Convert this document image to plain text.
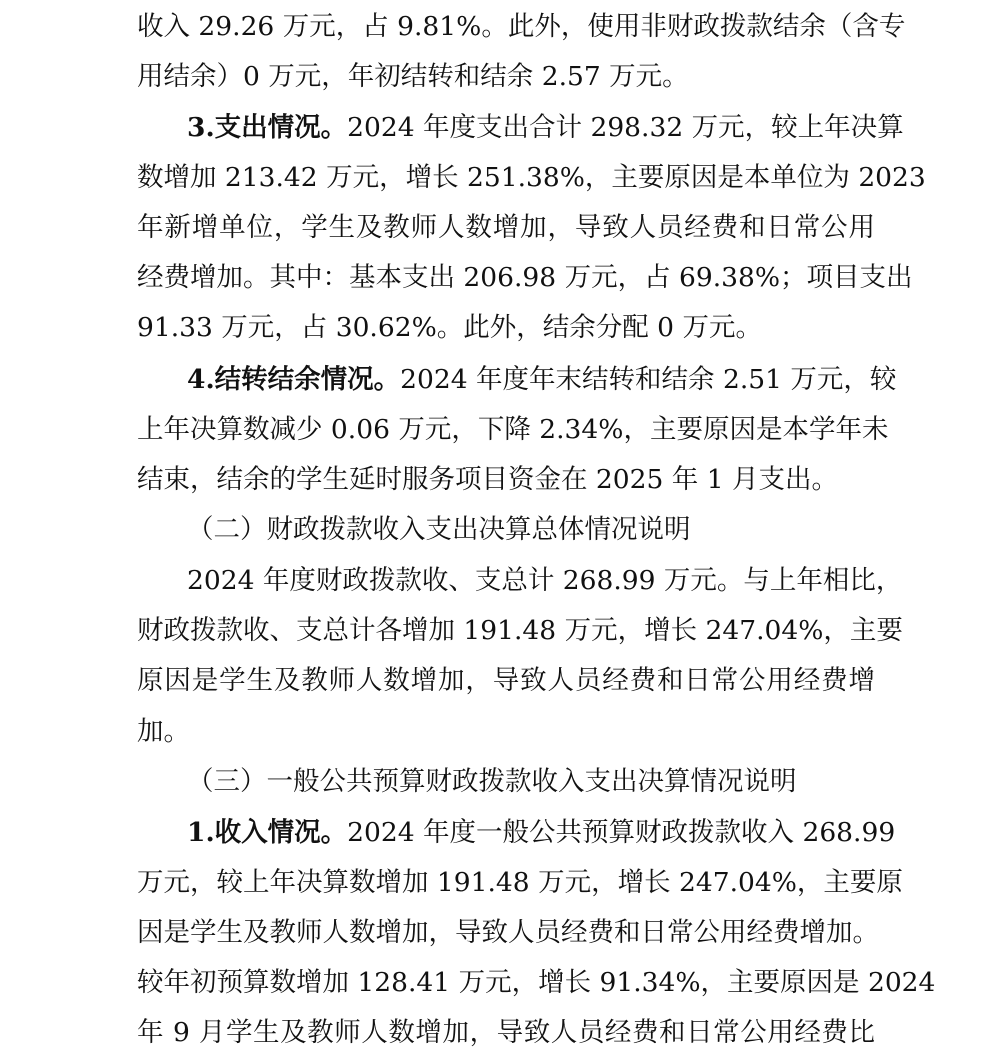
收入 29.26 万元，占 9.81%。此外，使用非财政拨款结余（含专
用结余）0 万元，年初结转和结余 2.57 万元。
3.支出情况。2024 年度支出合计 298.32 万元，较上年决算
数增加 213.42 万元，增长 251.38%，主要原因是本单位为 2023
年新增单位，学生及教师人数增加，导致人员经费和日常公用
经费增加。其中：基本支出 206.98 万元，占 69.38%；项目支出
91.33 万元，占 30.62%。此外，结余分配 0 万元。
4.结转结余情况。2024 年度年末结转和结余 2.51 万元，较
上年决算数减少 0.06 万元，下降 2.34%，主要原因是本学年未
结束，结余的学生延时服务项目资金在 2025 年 1 月支出。
（二）财政拨款收入支出决算总体情况说明
2024 年度财政拨款收、支总计 268.99 万元。与上年相比，
财政拨款收、支总计各增加 191.48 万元，增长 247.04%，主要
原因是学生及教师人数增加，导致人员经费和日常公用经费增
加。
（三）一般公共预算财政拨款收入支出决算情况说明
1.收入情况。2024 年度一般公共预算财政拨款收入 268.99
万元，较上年决算数增加 191.48 万元，增长 247.04%，主要原
因是学生及教师人数增加，导致人员经费和日常公用经费增加。
较年初预算数增加 128.41 万元，增长 91.34%，主要原因是 2024
年 9 月学生及教师人数增加，导致人员经费和日常公用经费比
